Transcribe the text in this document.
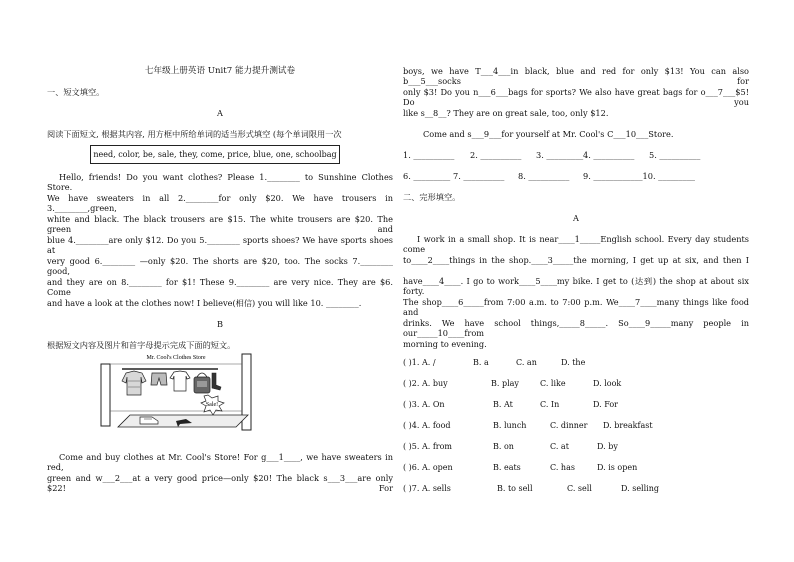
七年级上册英语 Unit7 能力提升测试卷
一、短文填空。
A
阅读下面短文, 根据其内容, 用方框中所给单词的适当形式填空 (每个单词限用一次
need, color, be, sale, they, come, price, blue, one, schoolbag
Hello, friends! Do you want clothes? Please 1.________ to Sunshine Clothes Store.
We have sweaters in all 2.________for only $20. We have trousers in 3.________,green,
white and black. The black trousers are $15. The white trousers are $20. The green and
blue 4.________are only $12. Do you 5.________ sports shoes? We have sports shoes at
very good 6.________ —only $20. The shorts are $20, too. The socks 7.________ good,
and they are on 8.________ for $1! These 9.________ are very nice. They are $6. Come
and have a look at the clothes now! I believe(相信) you will like 10. ________.
B
根据短文内容及图片和首字母提示完成下面的短文。
Come and buy clothes at Mr. Cool's Store! For g___1____, we have sweaters in red,
green and w___2___at a very good price—only $20! The black s___3___are only $22! For
Mr. Cool's Clothes Store
Sale!
boys, we have T___4___in black, blue and red for only $13! You can also b___5___socks for
only $3! Do you n___6___bags for sports? We also have great bags for o___7___$5! Do you
like s__8__? They are on great sale, too, only $12.
Come and s___9___for yourself at Mr. Cool's C___10___Store.
1. __________ 2. __________ 3. _________ 4. __________ 5. __________
6. _________ 7. __________ 8. __________ 9. ____________10. _________
二、完形填空。
A
I work in a small shop. It is near____1_____English school. Every day students come
to____2____things in the shop.____3_____the morning, I get up at six, and then I
have____4____. I go to work____5____my bike. I get to (达到) the shop at about six forty.
The shop____6_____from 7:00 a.m. to 7:00 p.m. We____7____many things like food and
drinks. We have school things,_____8_____. So____9_____many people in our_____10____from
morning to evening.
( )1. A. /	B. a	C. an	D. the
( )2. A. buy	B. play	C. like	D. look
( )3. A. On	B. At	C. In	D. For
( )4. A. food	B. lunch	C. dinner D. breakfast
( )5. A. from	B. on	C. at	D. by
( )6. A. open	B. eats	C. has	D. is open
( )7. A. sells	B. to sell	C. sell	D. selling
